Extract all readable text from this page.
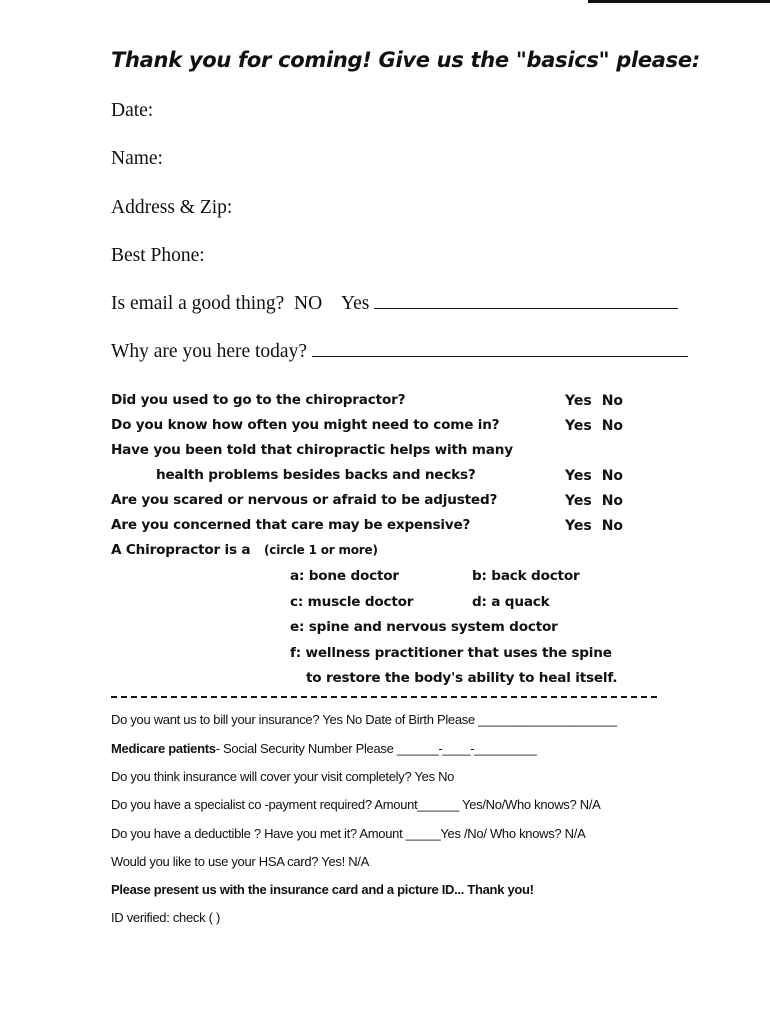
Thank you for coming! Give us the "basics" please:
Date:
Name:
Address & Zip:
Best Phone:
Is email a good thing?  NO    Yes
Why are you here today?
Did you used to go to the chiropractor?	Yes No
Do you know how often you might need to come in?	Yes No
Have you been told that chiropractic helps with many
health problems besides backs and necks?	Yes No
Are you scared or nervous or afraid to be adjusted?	Yes No
Are you concerned that care may be expensive?	Yes No
A Chiropractor is a (circle 1 or more)
a: bone doctor	b: back doctor
c: muscle doctor	d: a quack
e: spine and nervous system doctor
f: wellness practitioner that uses the spine
to restore the body's ability to heal itself.
Do you want us to bill your insurance? Yes No Date of Birth Please ____________________
Medicare patients- Social Security Number Please ______-____-_________
Do you think insurance will cover your visit completely? Yes No
Do you have a specialist co -payment required? Amount______ Yes/No/Who knows? N/A
Do you have a deductible ? Have you met it? Amount _____Yes /No/ Who knows? N/A
Would you like to use your HSA card? Yes! N/A
Please present us with the insurance card and a picture ID... Thank you!
ID verified: check ( )
